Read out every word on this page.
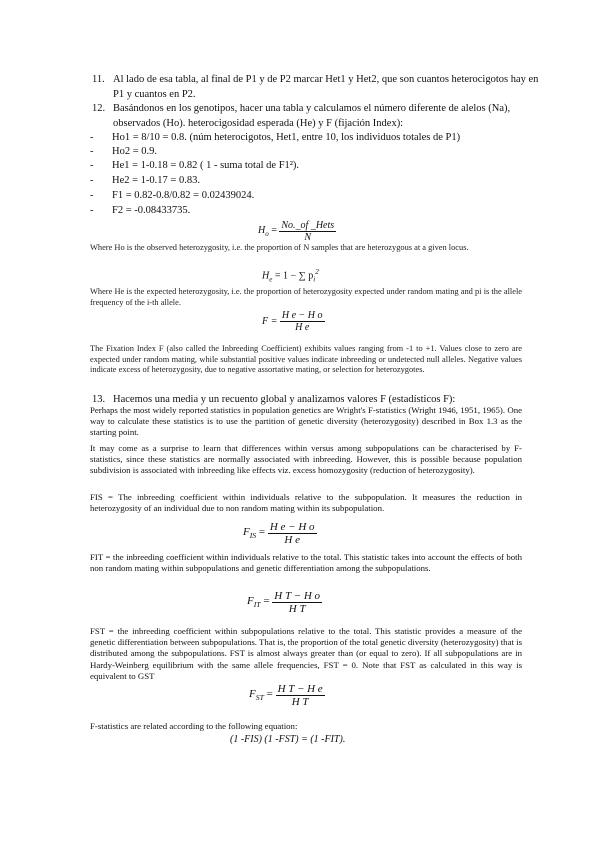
11. Al lado de esa tabla, al final de P1 y de P2 marcar Het1 y Het2, que son cuantos heterocigotos hay en P1 y cuantos en P2.
12. Basándonos en los genotipos, hacer una tabla y calculamos el número diferente de alelos (Na), observados (Ho). heterocigosidad esperada (He) y F (fijación Index):
- Ho1 = 8/10 = 0.8. (núm heterocigotos, Het1, entre 10, los individuos totales de P1)
- Ho2 = 0.9.
- He1 = 1-0.18 = 0.82 ( 1 - suma total de F1²).
- He2 = 1-0.17 = 0.83.
- F1 = 0.82-0.8/0.82 = 0.02439024.
- F2 = -0.08433735.
$H_o = \frac{\text{No.\_of \_Hets}}{N}$
Where Ho is the observed heterozygosity, i.e. the proportion of N samples that are heterozygous at a given locus.
$H_e = 1$ − ∑ $p_i^2$
Where He is the expected heterozygosity, i.e. the proportion of heterozygosity expected under random mating and pi is the allele frequency of the i-th allele.
$F = \frac{\text{H e − H o}}{\text{H e}}$
The Fixation Index F (also called the Inbreeding Coefficient) exhibits values ranging from -1 to +1. Values close to zero are expected under random mating, while substantial positive values indicate inbreeding or undetected null alleles. Negative values indicate excess of heterozygosity, due to negative assortative mating, or selection for heterozygotes.
13. Hacemos una media y un recuento global y analizamos valores F (estadísticos F):
Perhaps the most widely reported statistics in population genetics are Wright's F-statistics (Wright 1946, 1951, 1965). One way to calculate these statistics is to use the partition of genetic diversity (heterozygosity) described in Box 1.3 as the starting point.
It may come as a surprise to learn that differences within versus among subpopulations can be characterised by F-statistics, since these statistics are normally associated with inbreeding. However, this is possible because population subdivision is associated with inbreeding like effects viz. excess homozygosity (reduction of heterozygosity).
FIS = The inbreeding coefficient within individuals relative to the subpopulation. It measures the reduction in heterozygosity of an individual due to non random mating within its subpopulation.
$F_{IS} = \frac{\text{H e − H o}}{\text{H e}}$
FIT = the inbreeding coefficient within individuals relative to the total. This statistic takes into account the effects of both non random mating within subpopulations and genetic differentiation among the subpopulations.
$F_{IT} = \frac{\text{H T − H o}}{\text{H T}}$
FST = the inbreeding coefficient within subpopulations relative to the total. This statistic provides a measure of the genetic differentiation between subpopulations. That is, the proportion of the total genetic diversity (heterozygosity) that is distributed among the subpopulations. FST is almost always greater than (or equal to zero). If all subpopulations are in Hardy-Weinberg equilibrium with the same allele frequencies, FST = 0. Note that FST as calculated in this way is equivalent to GST
$F_{ST} = \frac{\text{H T − H e}}{\text{H T}}$
F-statistics are related according to the following equation:
(1 -FIS) (1 -FST) = (1 -FIT).
